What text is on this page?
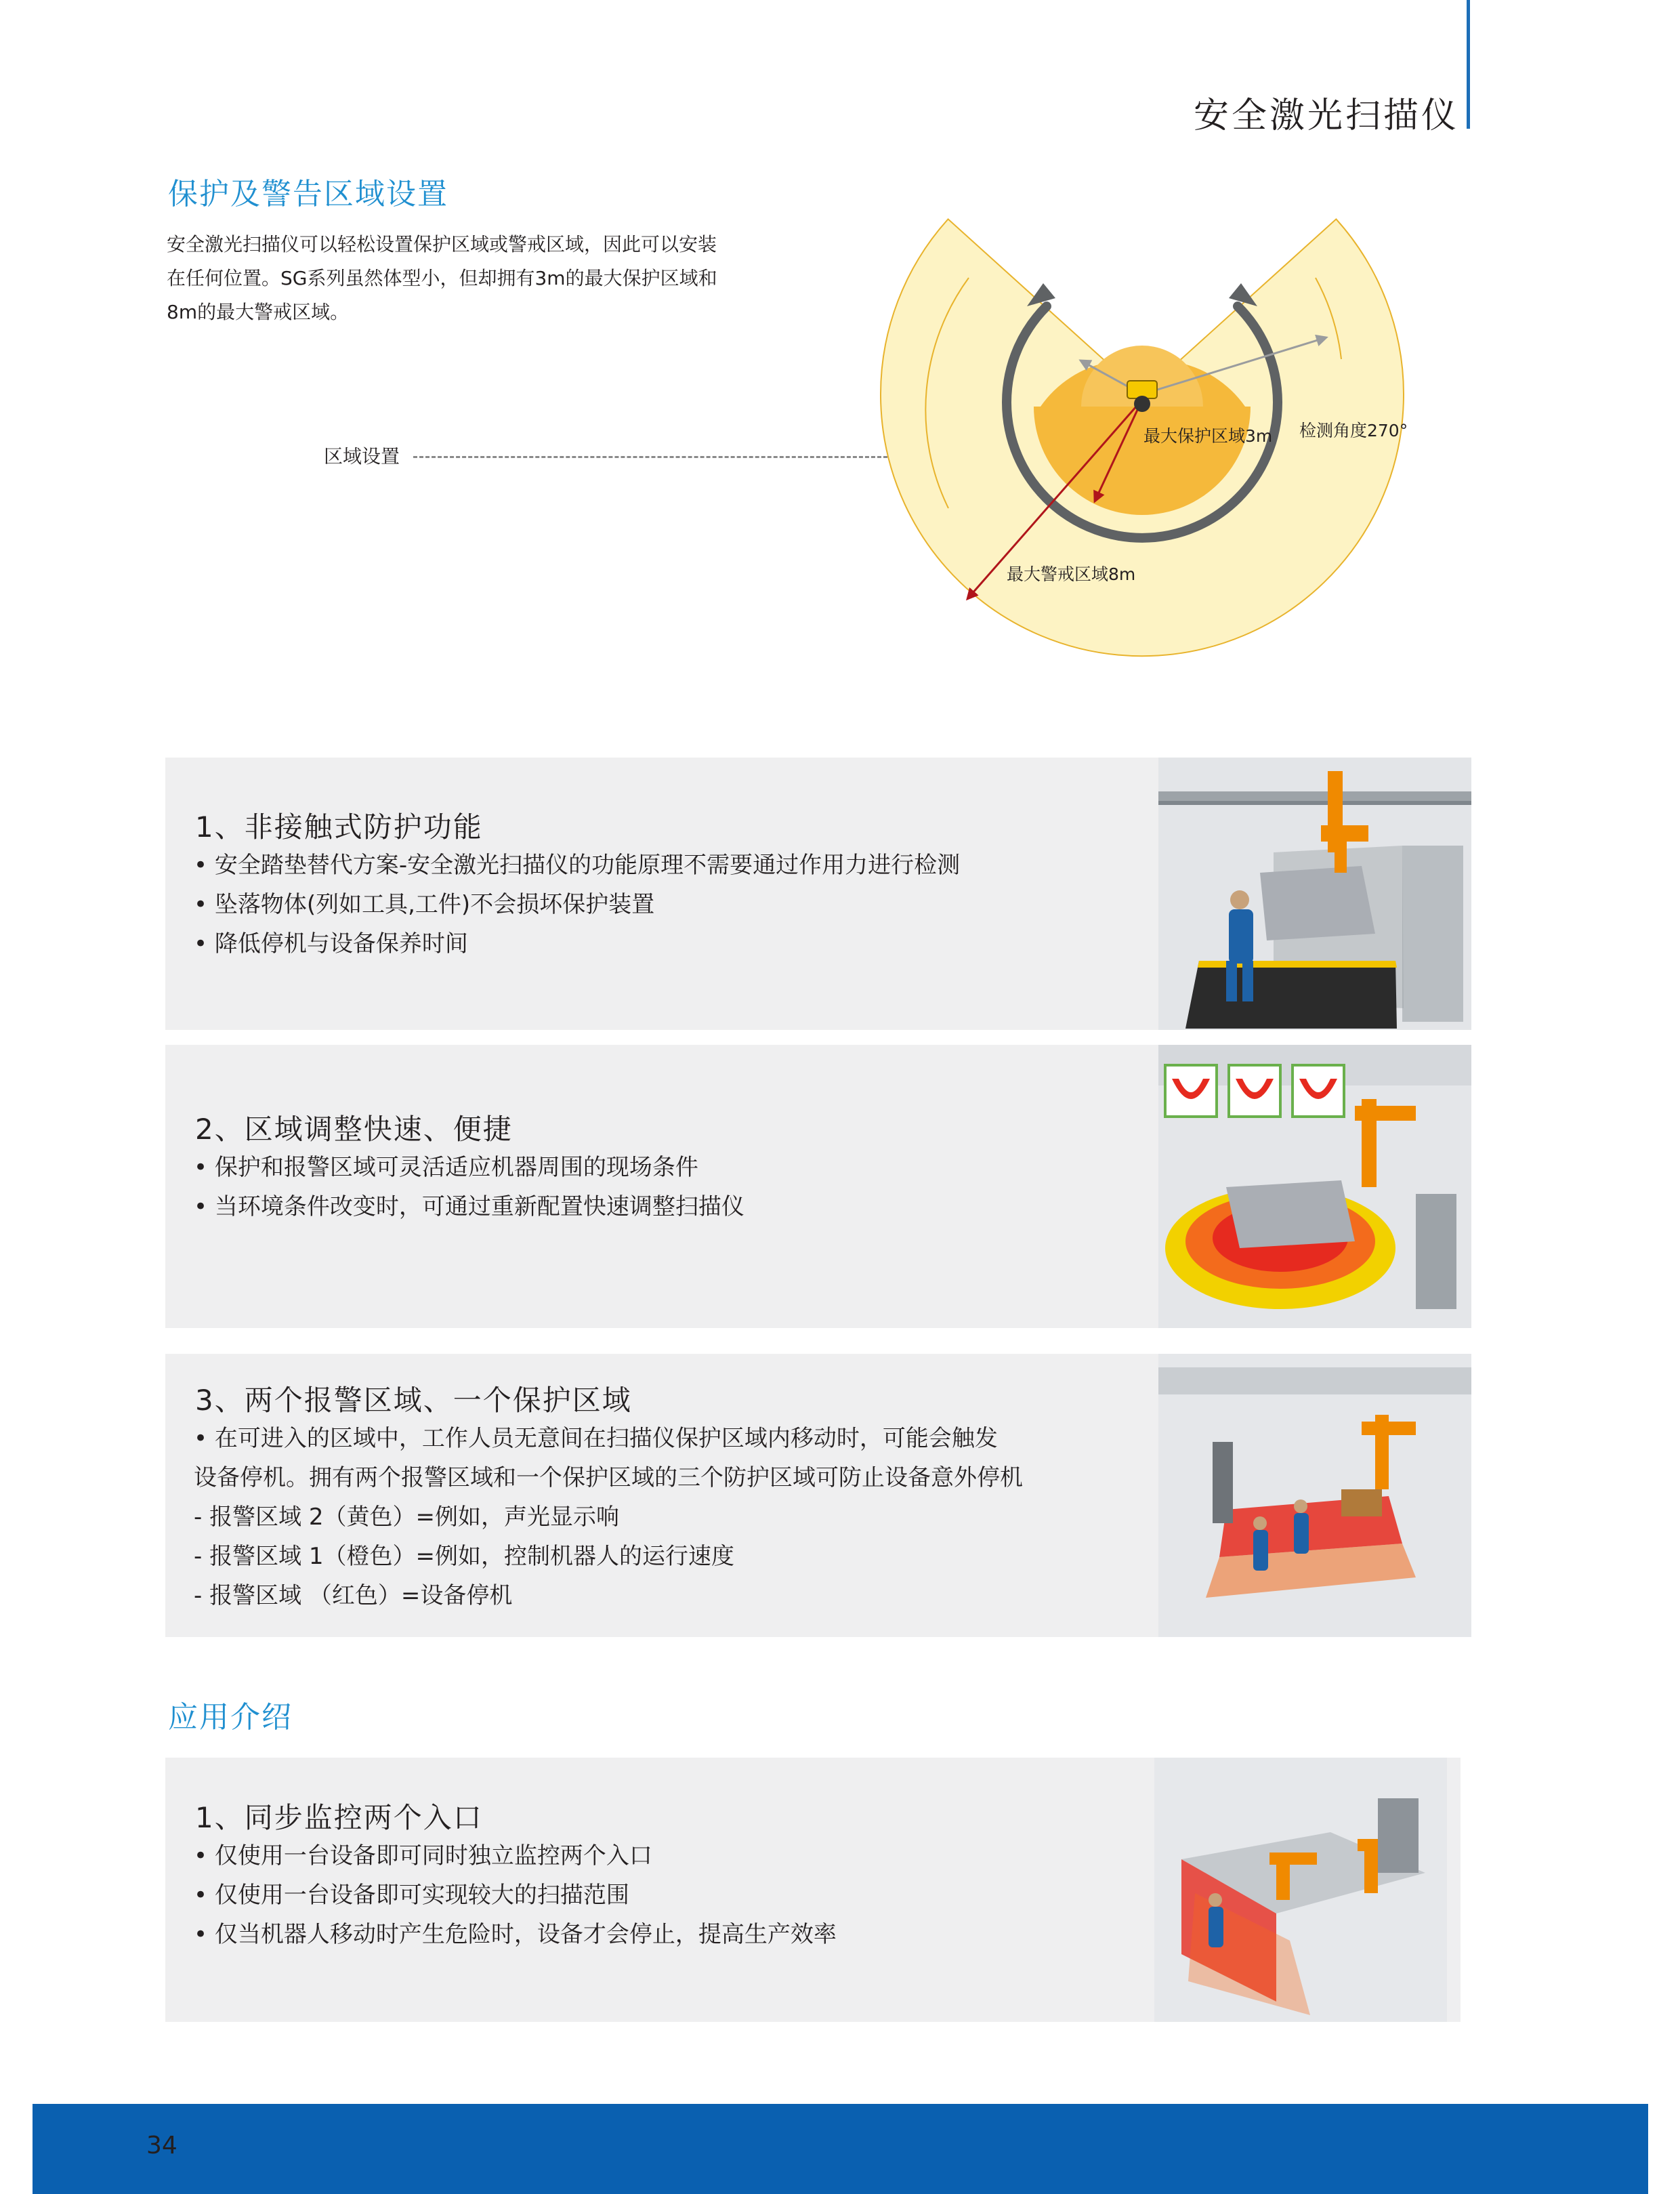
安全激光扫描仪
保护及警告区域设置
安全激光扫描仪可以轻松设置保护区域或警戒区域，因此可以安装
在任何位置。SG系列虽然体型小，但却拥有3m的最大保护区域和
8m的最大警戒区域。
区域设置
最大保护区域3m 检测角度270°
最大警戒区域8m
1、非接触式防护功能
• 安全踏垫替代方案-安全激光扫描仪的功能原理不需要通过作用力进行检测
• 坠落物体(列如工具,工件)不会损坏保护装置
• 降低停机与设备保养时间
2、区域调整快速、便捷
• 保护和报警区域可灵活适应机器周围的现场条件
• 当环境条件改变时，可通过重新配置快速调整扫描仪
3、两个报警区域、一个保护区域
• 在可进入的区域中，工作人员无意间在扫描仪保护区域内移动时，可能会触发
设备停机。拥有两个报警区域和一个保护区域的三个防护区域可防止设备意外停机
- 报警区域 2（黄色）=例如，声光显示响
- 报警区域 1（橙色）=例如，控制机器人的运行速度
- 报警区域 （红色）=设备停机
应用介绍
1、同步监控两个入口
• 仅使用一台设备即可同时独立监控两个入口
• 仅使用一台设备即可实现较大的扫描范围
• 仅当机器人移动时产生危险时，设备才会停止，提高生产效率
34
